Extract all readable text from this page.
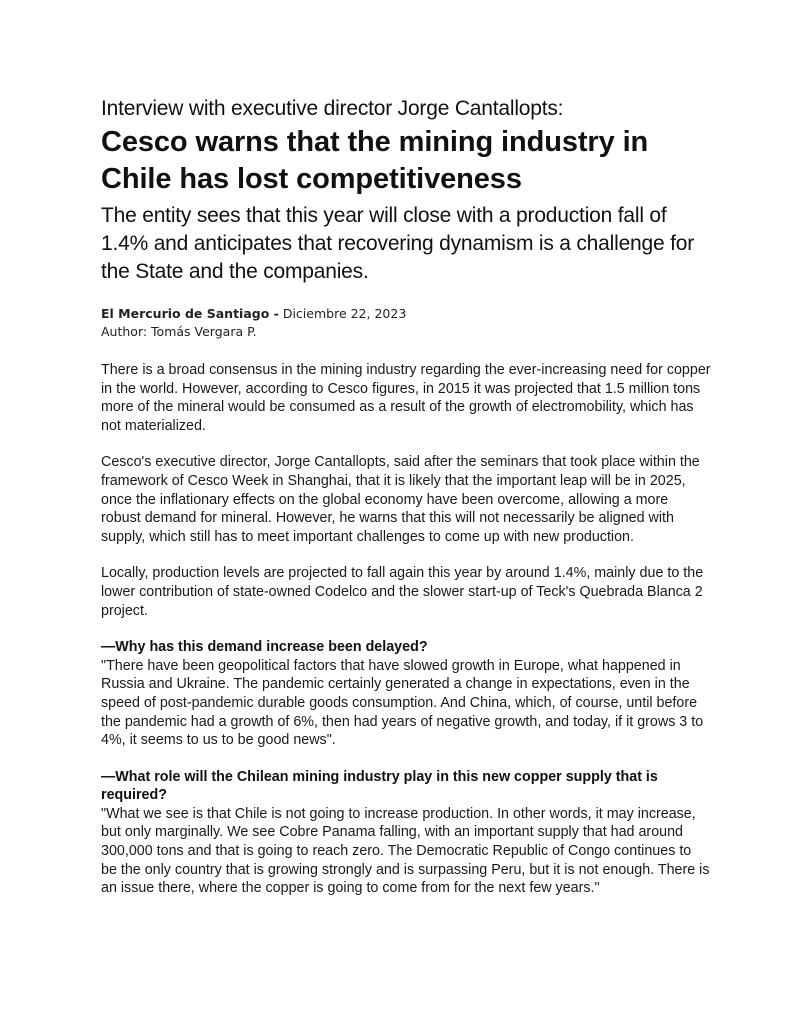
Interview with executive director Jorge Cantallopts:
Cesco warns that the mining industry in Chile has lost competitiveness

The entity sees that this year will close with a production fall of 1.4% and anticipates that recovering dynamism is a challenge for the State and the companies.

El Mercurio de Santiago - Diciembre 22, 2023
Author: Tomás Vergara P.

There is a broad consensus in the mining industry regarding the ever-increasing need for copper in the world. However, according to Cesco figures, in 2015 it was projected that 1.5 million tons more of the mineral would be consumed as a result of the growth of electromobility, which has not materialized.

Cesco's executive director, Jorge Cantallopts, said after the seminars that took place within the framework of Cesco Week in Shanghai, that it is likely that the important leap will be in 2025, once the inflationary effects on the global economy have been overcome, allowing a more robust demand for mineral. However, he warns that this will not necessarily be aligned with supply, which still has to meet important challenges to come up with new production.

Locally, production levels are projected to fall again this year by around 1.4%, mainly due to the lower contribution of state-owned Codelco and the slower start-up of Teck's Quebrada Blanca 2 project.

—Why has this demand increase been delayed?

"There have been geopolitical factors that have slowed growth in Europe, what happened in Russia and Ukraine. The pandemic certainly generated a change in expectations, even in the speed of post-pandemic durable goods consumption. And China, which, of course, until before the pandemic had a growth of 6%, then had years of negative growth, and today, if it grows 3 to 4%, it seems to us to be good news".

—What role will the Chilean mining industry play in this new copper supply that is required?

"What we see is that Chile is not going to increase production. In other words, it may increase, but only marginally. We see Cobre Panama falling, with an important supply that had around 300,000 tons and that is going to reach zero. The Democratic Republic of Congo continues to be the only country that is growing strongly and is surpassing Peru, but it is not enough. There is an issue there, where the copper is going to come from for the next few years."
